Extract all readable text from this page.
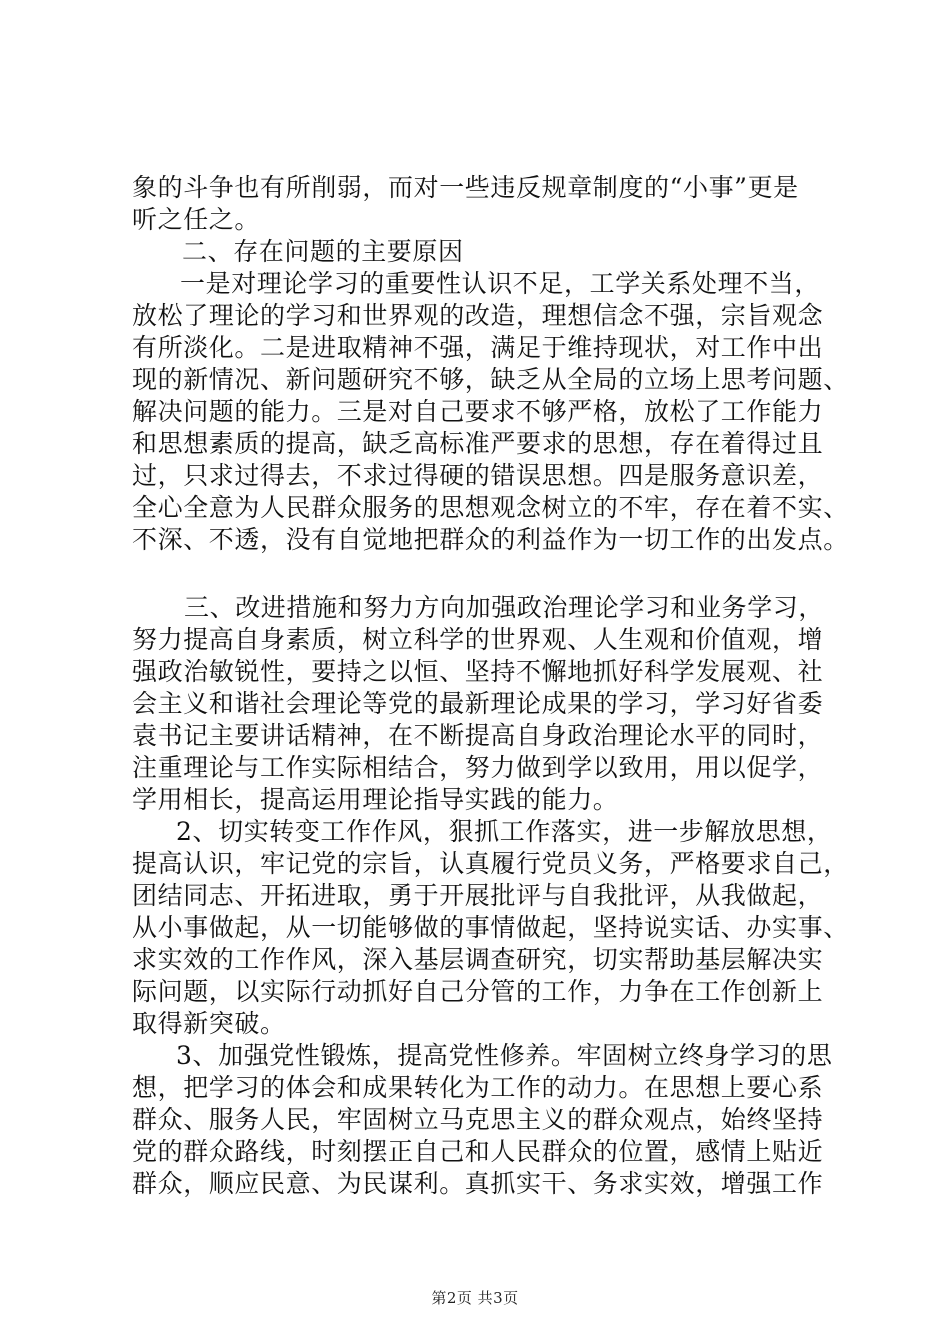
象的斗争也有所削弱，而对一些违反规章制度的“小事”更是
听之任之。
二、存在问题的主要原因
一是对理论学习的重要性认识不足，工学关系处理不当，
放松了理论的学习和世界观的改造，理想信念不强，宗旨观念
有所淡化。二是进取精神不强，满足于维持现状，对工作中出
现的新情况、新问题研究不够，缺乏从全局的立场上思考问题、
解决问题的能力。三是对自己要求不够严格，放松了工作能力
和思想素质的提高，缺乏高标准严要求的思想，存在着得过且
过，只求过得去，不求过得硬的错误思想。四是服务意识差，
全心全意为人民群众服务的思想观念树立的不牢，存在着不实、
不深、不透，没有自觉地把群众的利益作为一切工作的出发点。
三、改进措施和努力方向加强政治理论学习和业务学习，
努力提高自身素质，树立科学的世界观、人生观和价值观，增
强政治敏锐性，要持之以恒、坚持不懈地抓好科学发展观、社
会主义和谐社会理论等党的最新理论成果的学习，学习好省委
袁书记主要讲话精神，在不断提高自身政治理论水平的同时，
注重理论与工作实际相结合，努力做到学以致用，用以促学，
学用相长，提高运用理论指导实践的能力。
2、切实转变工作作风，狠抓工作落实，进一步解放思想，
提高认识，牢记党的宗旨，认真履行党员义务，严格要求自己，
团结同志、开拓进取，勇于开展批评与自我批评，从我做起，
从小事做起，从一切能够做的事情做起，坚持说实话、办实事、
求实效的工作作风，深入基层调查研究，切实帮助基层解决实
际问题，以实际行动抓好自己分管的工作，力争在工作创新上
取得新突破。
3、加强党性锻炼，提高党性修养。牢固树立终身学习的思
想，把学习的体会和成果转化为工作的动力。在思想上要心系
群众、服务人民，牢固树立马克思主义的群众观点，始终坚持
党的群众路线，时刻摆正自己和人民群众的位置，感情上贴近
群众，顺应民意、为民谋利。真抓实干、务求实效，增强工作
第2页 共3页
